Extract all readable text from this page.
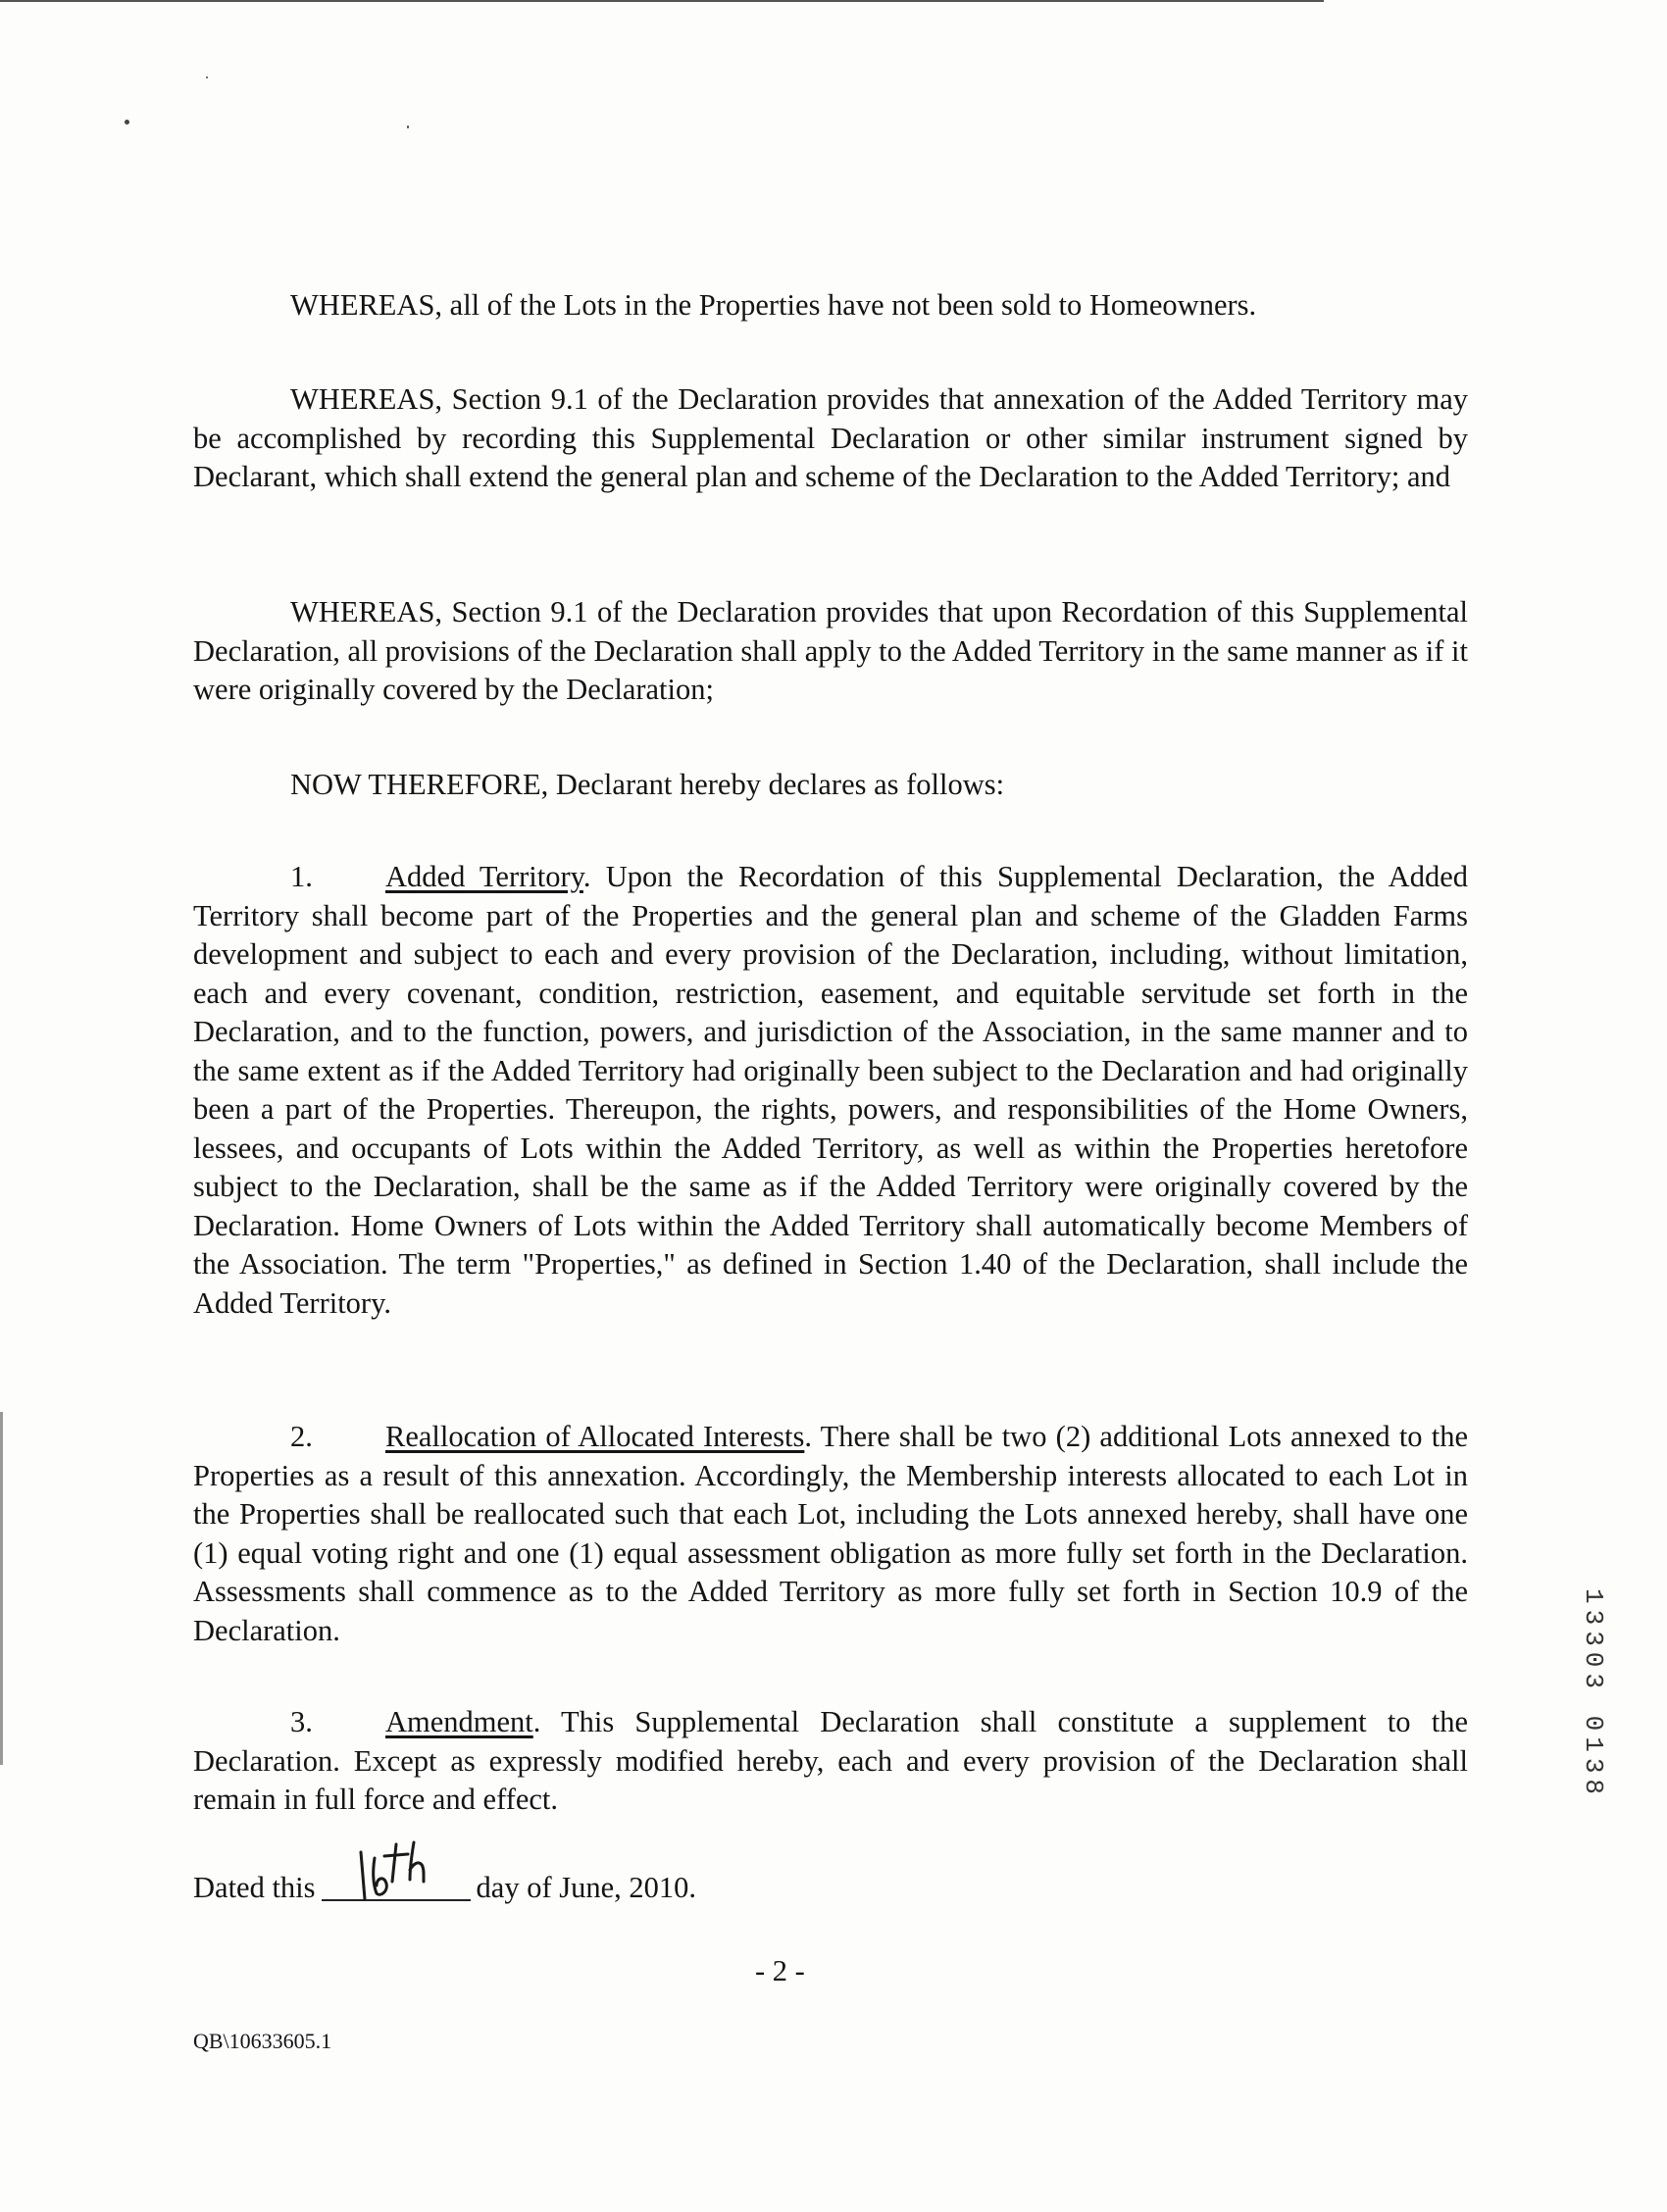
WHEREAS, all of the Lots in the Properties have not been sold to Homeowners.
WHEREAS, Section 9.1 of the Declaration provides that annexation of the Added Territory may be accomplished by recording this Supplemental Declaration or other similar instrument signed by Declarant, which shall extend the general plan and scheme of the Declaration to the Added Territory; and
WHEREAS, Section 9.1 of the Declaration provides that upon Recordation of this Supplemental Declaration, all provisions of the Declaration shall apply to the Added Territory in the same manner as if it were originally covered by the Declaration;
NOW THEREFORE, Declarant hereby declares as follows:
1. Added Territory. Upon the Recordation of this Supplemental Declaration, the Added Territory shall become part of the Properties and the general plan and scheme of the Gladden Farms development and subject to each and every provision of the Declaration, including, without limitation, each and every covenant, condition, restriction, easement, and equitable servitude set forth in the Declaration, and to the function, powers, and jurisdiction of the Association, in the same manner and to the same extent as if the Added Territory had originally been subject to the Declaration and had originally been a part of the Properties. Thereupon, the rights, powers, and responsibilities of the Home Owners, lessees, and occupants of Lots within the Added Territory, as well as within the Properties heretofore subject to the Declaration, shall be the same as if the Added Territory were originally covered by the Declaration. Home Owners of Lots within the Added Territory shall automatically become Members of the Association. The term "Properties," as defined in Section 1.40 of the Declaration, shall include the Added Territory.
2. Reallocation of Allocated Interests. There shall be two (2) additional Lots annexed to the Properties as a result of this annexation. Accordingly, the Membership interests allocated to each Lot in the Properties shall be reallocated such that each Lot, including the Lots annexed hereby, shall have one (1) equal voting right and one (1) equal assessment obligation as more fully set forth in the Declaration. Assessments shall commence as to the Added Territory as more fully set forth in Section 10.9 of the Declaration.
3. Amendment. This Supplemental Declaration shall constitute a supplement to the Declaration. Except as expressly modified hereby, each and every provision of the Declaration shall remain in full force and effect.
Dated this	day of June, 2010.
- 2 -
QB\10633605.1
13303 0138
